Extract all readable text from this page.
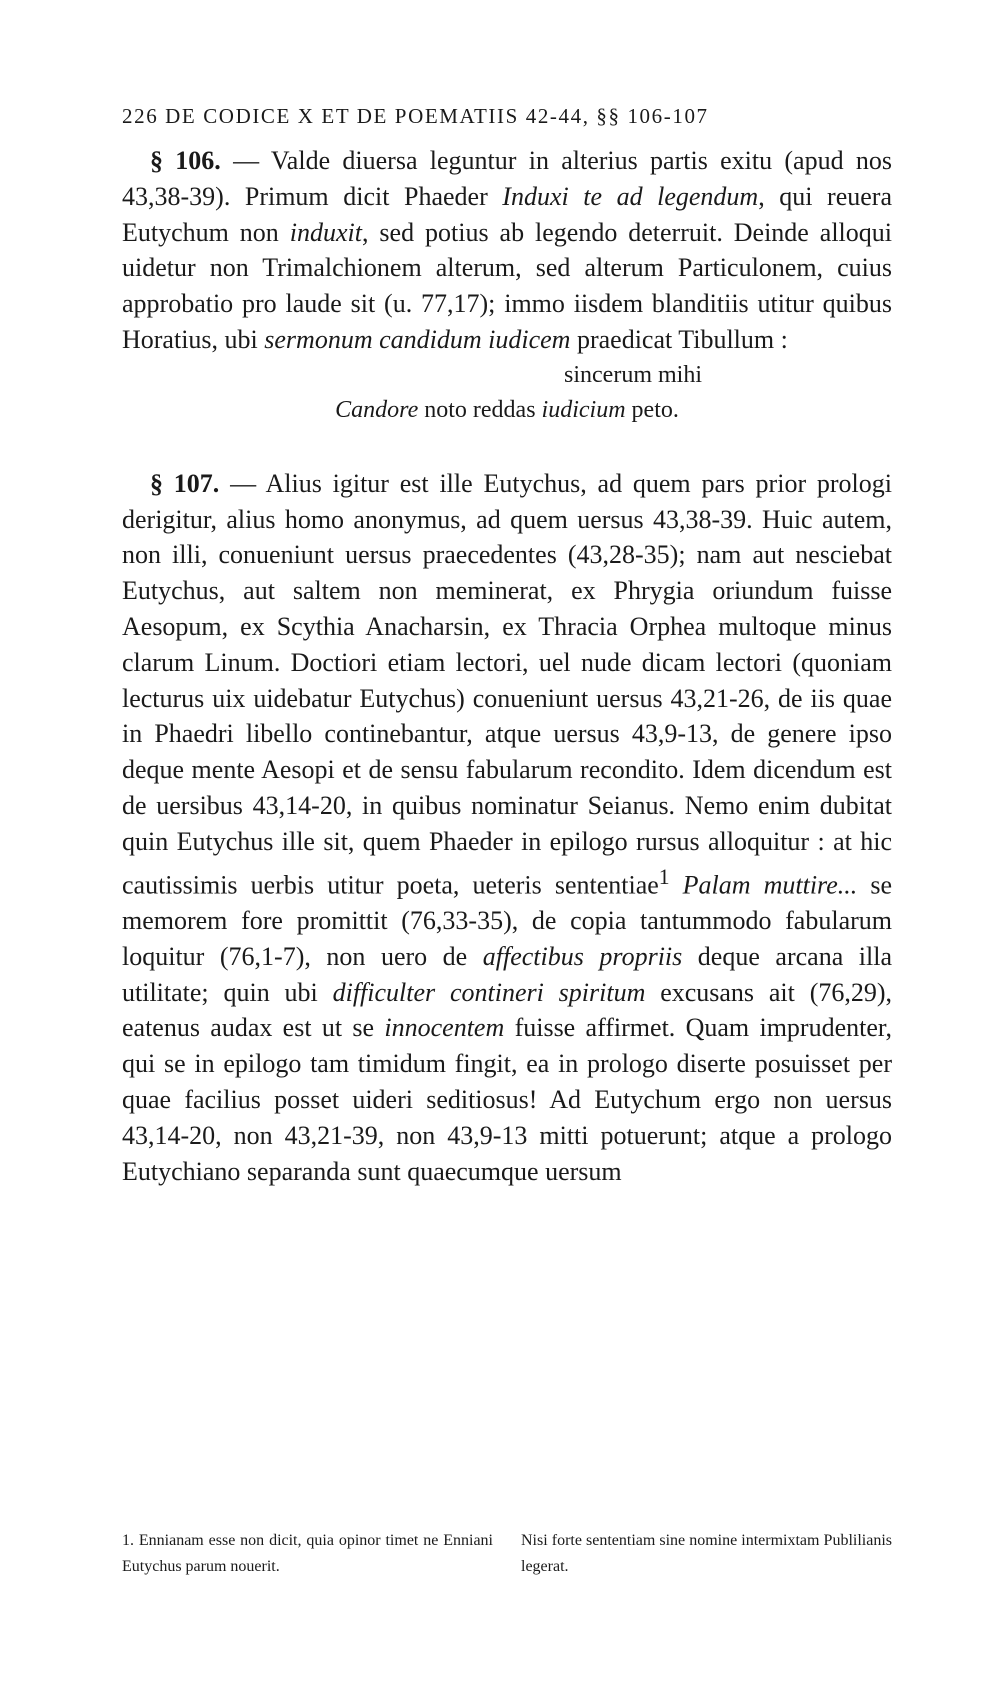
226 DE CODICE X ET DE POEMATIIS 42-44, §§ 106-107

§ 106. — Valde diuersa leguntur in alterius partis exitu (apud nos 43,38-39). Primum dicit Phaeder Induxi te ad legendum, qui reuera Eutychum non induxit, sed potius ab legendo deterruit. Deinde alloqui uidetur non Trimalchionem alterum, sed alterum Particulonem, cuius approbatio pro laude sit (u. 77,17); immo iisdem blanditiis utitur quibus Horatius, ubi sermonum candidum iudicem praedicat Tibullum :

sincerum mihi
Candore noto reddas iudicium peto.

§ 107. — Alius igitur est ille Eutychus, ad quem pars prior prologi derigitur, alius homo anonymus, ad quem uersus 43,38-39. Huic autem, non illi, conueniunt uersus praecedentes (43,28-35); nam aut nesciebat Eutychus, aut saltem non meminerat, ex Phrygia oriundum fuisse Aesopum, ex Scythia Anacharsin, ex Thracia Orphea multoque minus clarum Linum. Doctiori etiam lectori, uel nude dicam lectori (quoniam lecturus uix uidebatur Eutychus) conueniunt uersus 43,21-26, de iis quae in Phaedri libello continebantur, atque uersus 43,9-13, de genere ipso deque mente Aesopi et de sensu fabularum recondito. Idem dicendum est de uersibus 43,14-20, in quibus nominatur Seianus. Nemo enim dubitat quin Eutychus ille sit, quem Phaeder in epilogo rursus alloquitur : at hic cautissimis uerbis utitur poeta, ueteris sententiae$^1$ Palam muttire... se memorem fore promittit (76,33-35), de copia tantummodo fabularum loquitur (76,1-7), non uero de affectibus propriis deque arcana illa utilitate; quin ubi difficulter contineri spiritum excusans ait (76,29), eatenus audax est ut se innocentem fuisse affirmet. Quam imprudenter, qui se in epilogo tam timidum fingit, ea in prologo diserte posuisset per quae facilius posset uideri seditiosus! Ad Eutychum ergo non uersus 43,14-20, non 43,21-39, non 43,9-13 mitti potuerunt; atque a prologo Eutychiano separanda sunt quaecumque uersum

1. Ennianam esse non dicit, quia opinor timet ne Enniani Eutychus parum nouerit.
Nisi forte sententiam sine nomine intermixtam Publilianis legerat.
